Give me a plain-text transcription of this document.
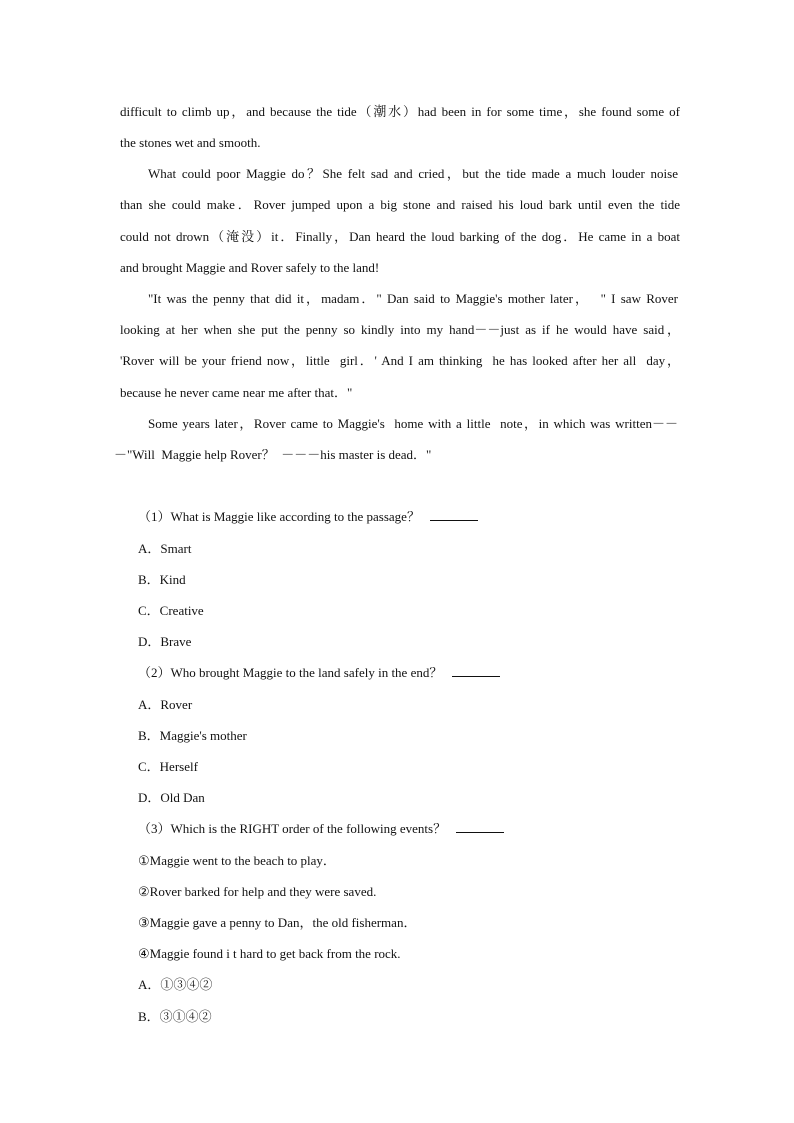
difficult to climb up，and because the tide（潮水）had been in for some time，she found some of
the stones wet and smooth.
What could poor Maggie do？She felt sad and cried，but the tide made a much louder noise
than she could make．Rover jumped upon a big stone and raised his loud bark until even the tide
could not drown（淹没）it．Finally，Dan heard the loud barking of the dog．He came in a boat
and brought Maggie and Rover safely to the land!
"It was the penny that did it，madam．" Dan said to Maggie's mother later，  " I saw Rover
looking at her when she put the penny so kindly into my hand－－just as if he would have said，
'Rover will be your friend now，little  girl．' And I am thinking  he has looked after her all  day，
because he never came near me after that．"
Some years later，Rover came to Maggie's  home with a little  note，in which was written－－
－"Will  Maggie help Rover？  －－－his master is dead．"
（1）What is Maggie like according to the passage？
A．Smart
B．Kind
C．Creative
D．Brave
（2）Who brought Maggie to the land safely in the end？
A．Rover
B．Maggie's mother
C．Herself
D．Old Dan
（3）Which is the RIGHT order of the following events？
①Maggie went to the beach to play．
②Rover barked for help and they were saved.
③Maggie gave a penny to Dan，the old fisherman．
④Maggie found i t hard to get back from the rock.
A．①③④②
B．③①④②
